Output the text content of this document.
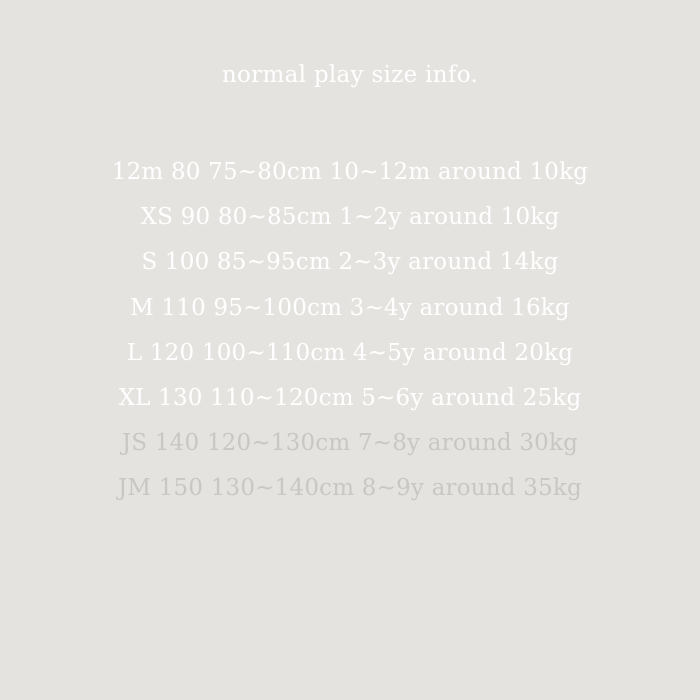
normal play size info.
12m 80 75~80cm 10~12m around 10kg
XS 90 80~85cm 1~2y around 10kg
S 100 85~95cm 2~3y around 14kg
M 110 95~100cm 3~4y around 16kg
L 120 100~110cm 4~5y around 20kg
XL 130 110~120cm 5~6y around 25kg
JS 140 120~130cm 7~8y around 30kg
JM 150 130~140cm 8~9y around 35kg
